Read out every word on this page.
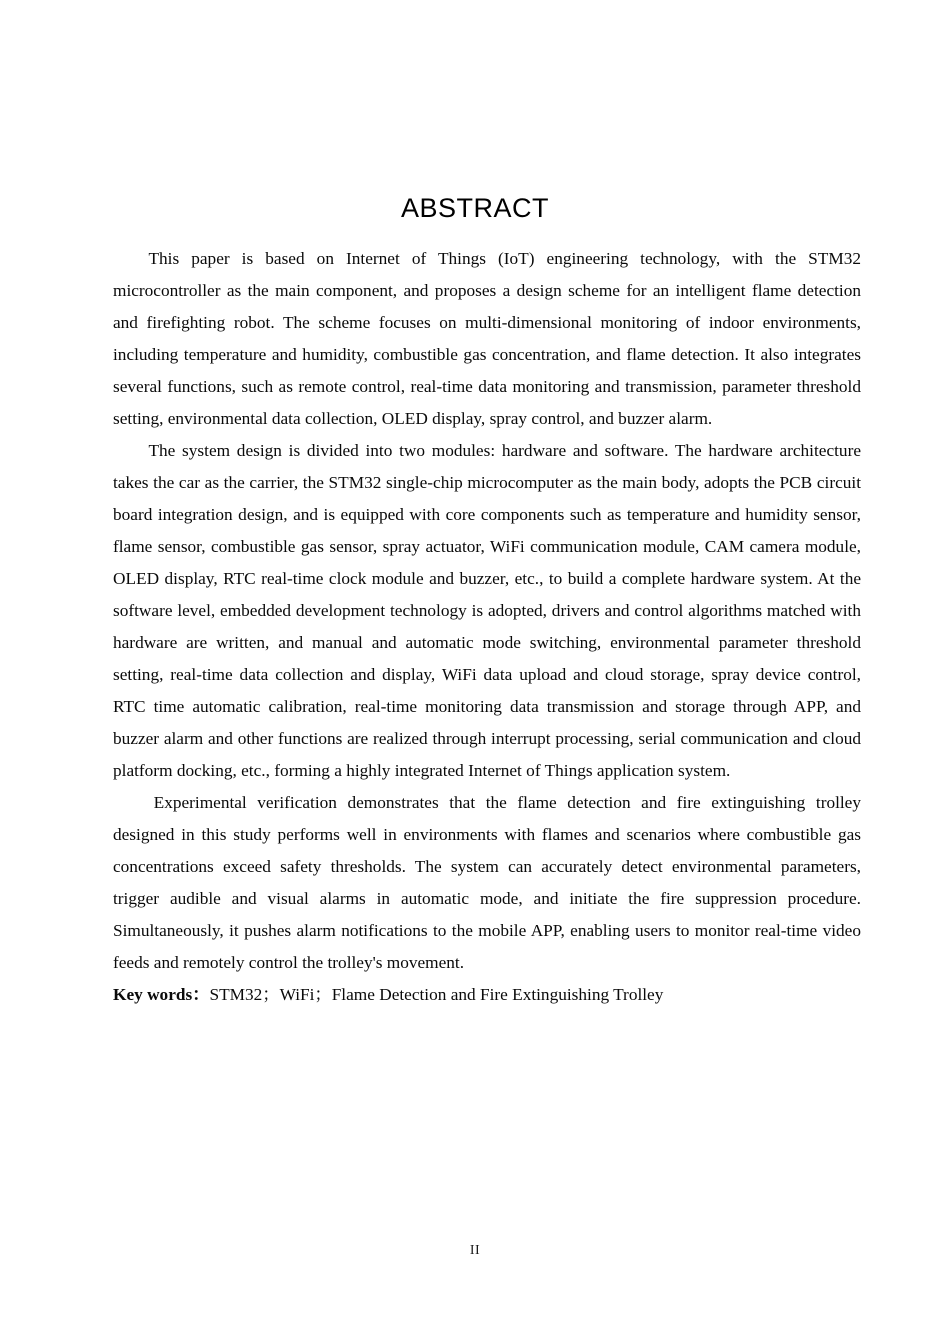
ABSTRACT

This paper is based on Internet of Things (IoT) engineering technology, with the STM32 microcontroller as the main component, and proposes a design scheme for an intelligent flame detection and firefighting robot. The scheme focuses on multi-dimensional monitoring of indoor environments, including temperature and humidity, combustible gas concentration, and flame detection. It also integrates several functions, such as remote control, real-time data monitoring and transmission, parameter threshold setting, environmental data collection, OLED display, spray control, and buzzer alarm.

The system design is divided into two modules: hardware and software. The hardware architecture takes the car as the carrier, the STM32 single-chip microcomputer as the main body, adopts the PCB circuit board integration design, and is equipped with core components such as temperature and humidity sensor, flame sensor, combustible gas sensor, spray actuator, WiFi communication module, CAM camera module, OLED display, RTC real-time clock module and buzzer, etc., to build a complete hardware system. At the software level, embedded development technology is adopted, drivers and control algorithms matched with hardware are written, and manual and automatic mode switching, environmental parameter threshold setting, real-time data collection and display, WiFi data upload and cloud storage, spray device control, RTC time automatic calibration, real-time monitoring data transmission and storage through APP, and buzzer alarm and other functions are realized through interrupt processing, serial communication and cloud platform docking, etc., forming a highly integrated Internet of Things application system.

Experimental verification demonstrates that the flame detection and fire extinguishing trolley designed in this study performs well in environments with flames and scenarios where combustible gas concentrations exceed safety thresholds. The system can accurately detect environmental parameters, trigger audible and visual alarms in automatic mode, and initiate the fire suppression procedure. Simultaneously, it pushes alarm notifications to the mobile APP, enabling users to monitor real-time video feeds and remotely control the trolley's movement.

Key words：STM32；WiFi；Flame Detection and Fire Extinguishing Trolley

II
